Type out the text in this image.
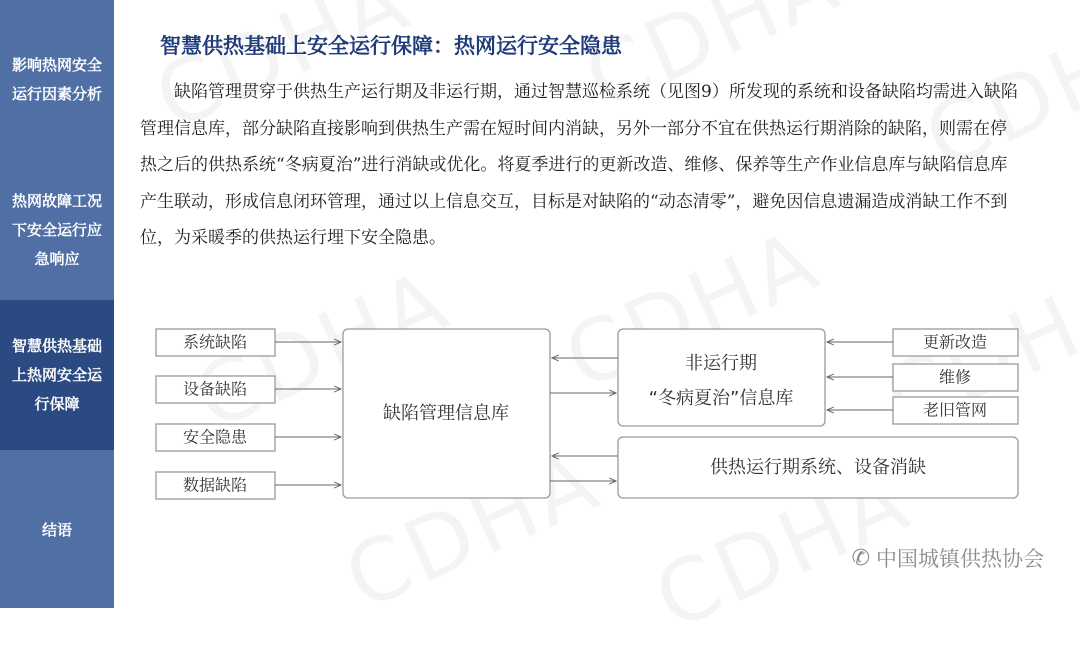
影响热网安全运行因素分析
热网故障工况下安全运行应急响应
智慧供热基础上热网安全运行保障
结语
智慧供热基础上安全运行保障：热网运行安全隐患

缺陷管理贯穿于供热生产运行期及非运行期，通过智慧巡检系统（见图9）所发现的系统和设备缺陷均需进入缺陷管理信息库，部分缺陷直接影响到供热生产需在短时间内消缺，另外一部分不宜在供热运行期消除的缺陷，则需在停热之后的供热系统“冬病夏治”进行消缺或优化。将夏季进行的更新改造、维修、保养等生产作业信息库与缺陷信息库产生联动，形成信息闭环管理，通过以上信息交互，目标是对缺陷的“动态清零”，避免因信息遗漏造成消缺工作不到位，为采暖季的供热运行埋下安全隐患。

系统缺陷
设备缺陷
安全隐患
数据缺陷
缺陷管理信息库
非运行期
“冬病夏治”信息库
供热运行期系统、设备消缺
更新改造
维修
老旧管网
✆ 中国城镇供热协会
